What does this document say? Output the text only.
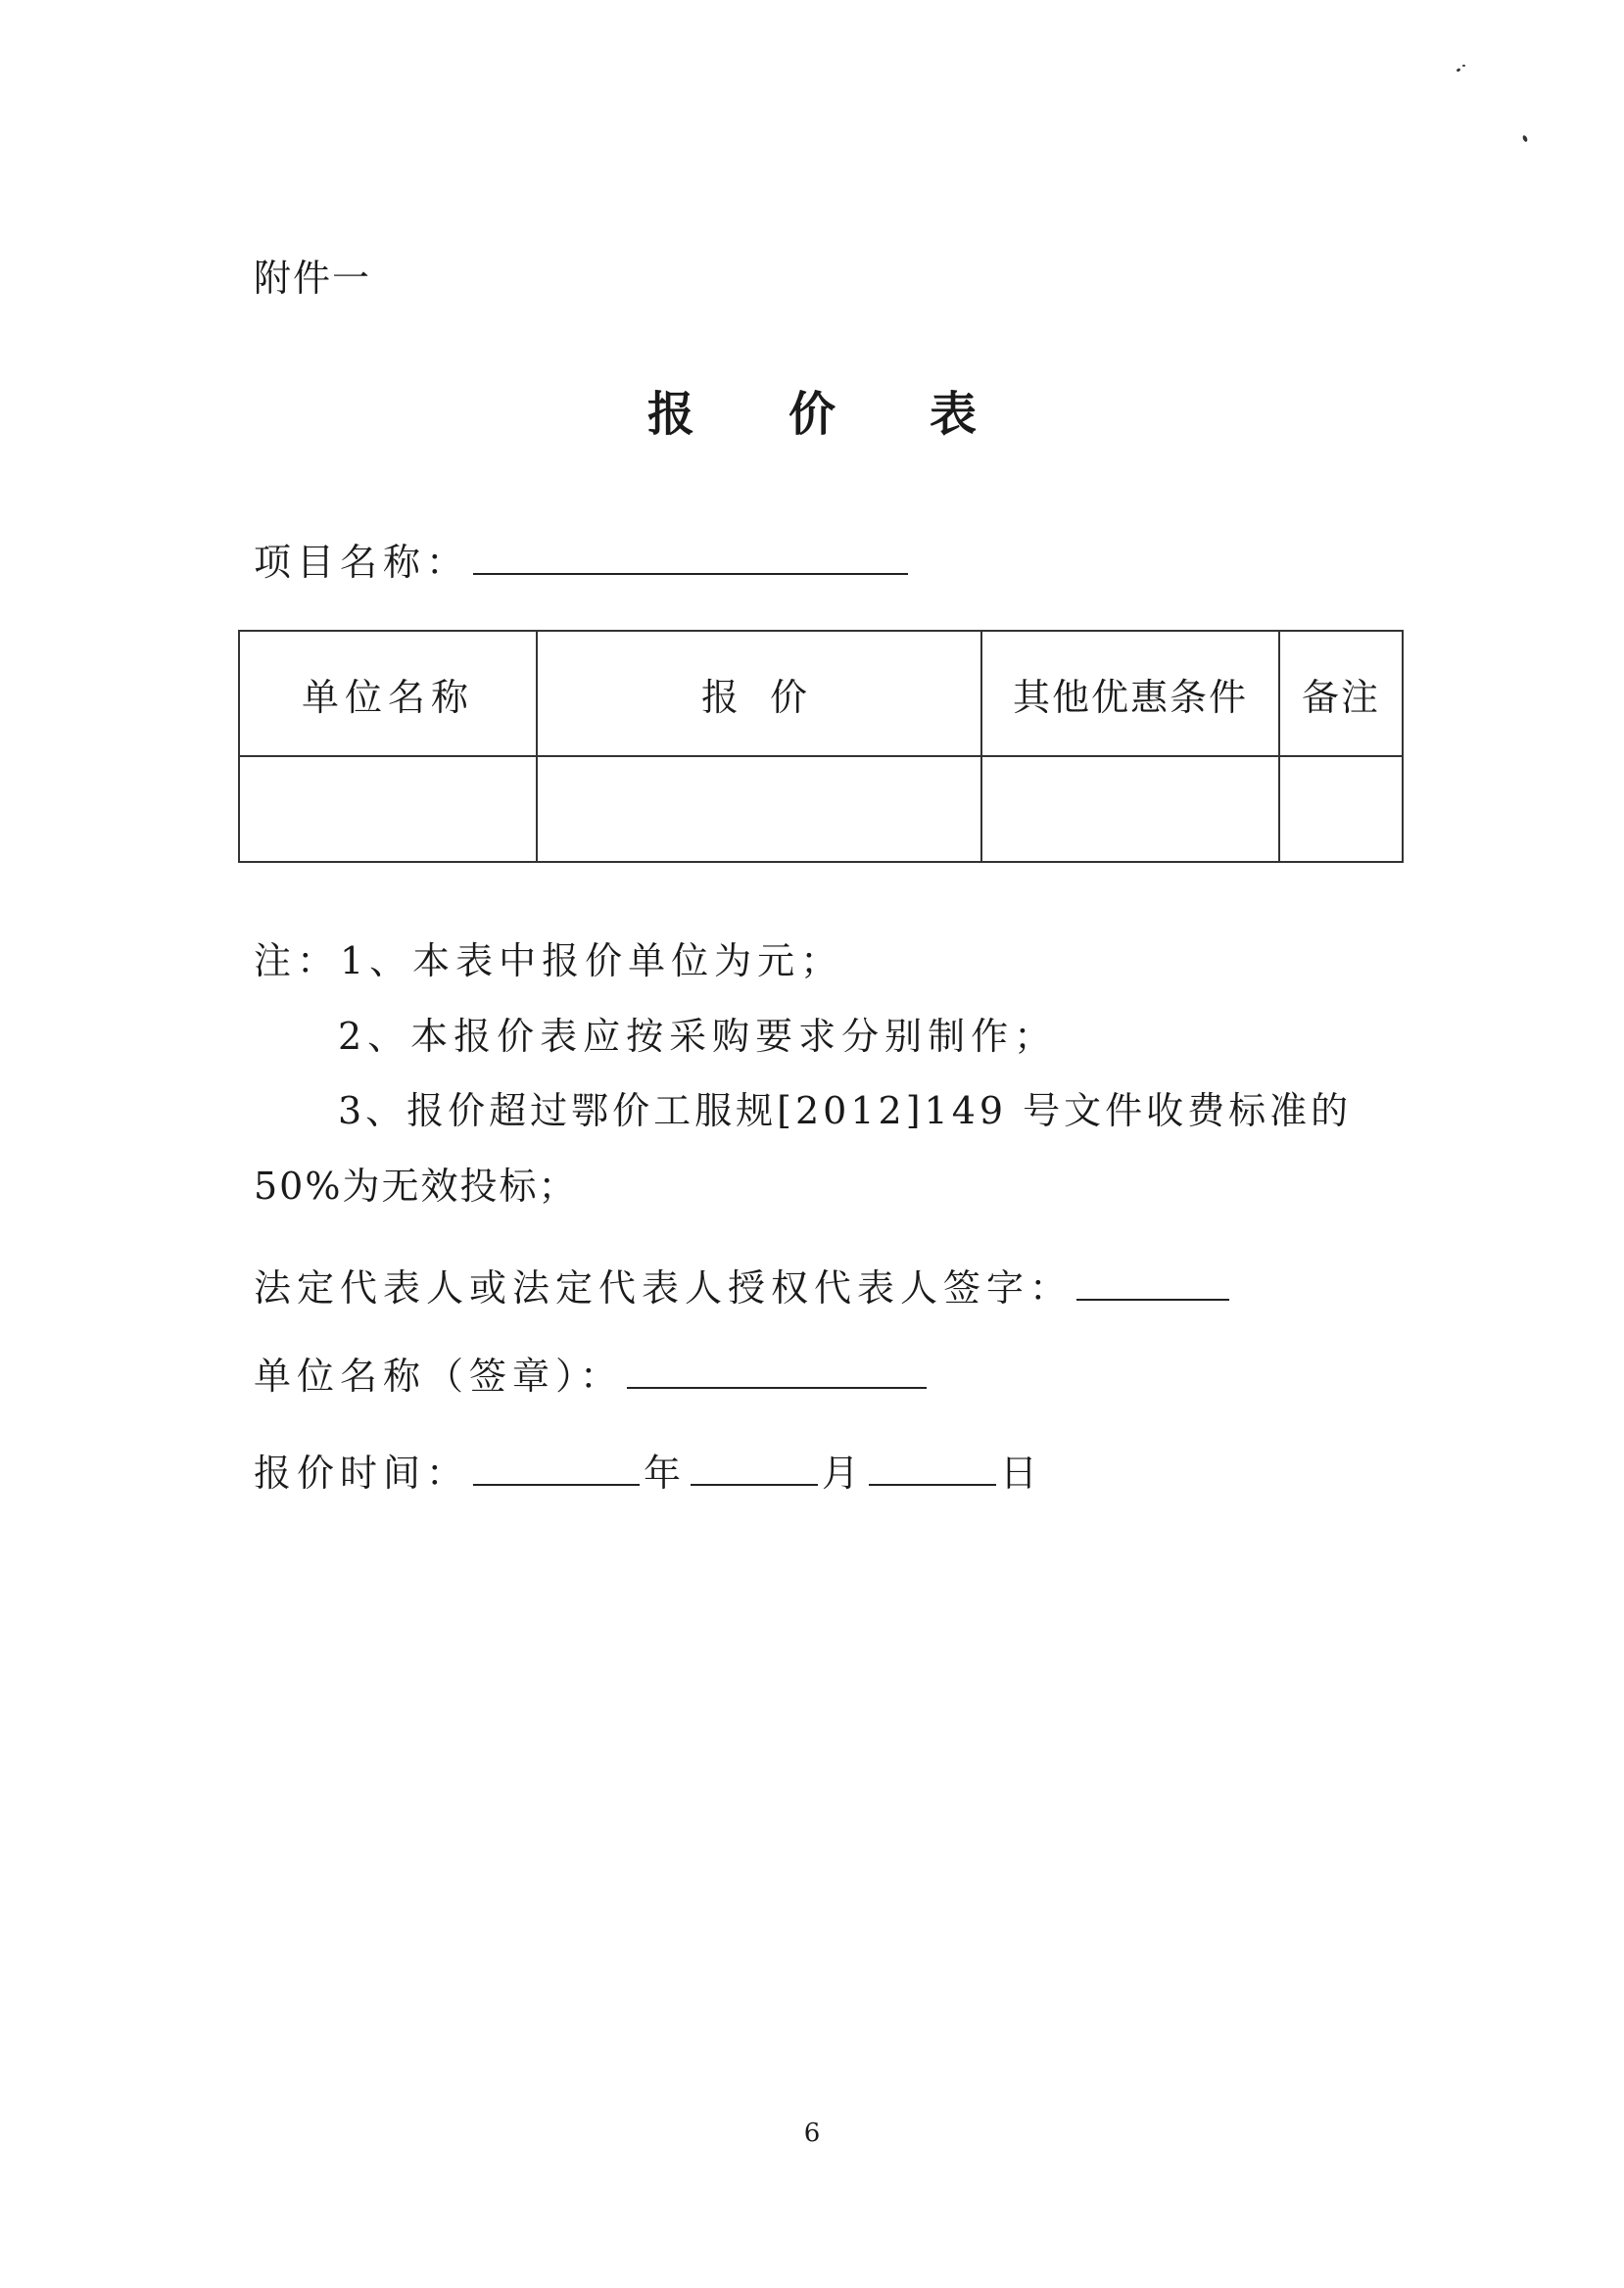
附件一
报 价 表
项目名称：
单位名称	报 价	其他优惠条件	备注

注：1、本表中报价单位为元；
2、本报价表应按采购要求分别制作；
3、报价超过鄂价工服规[2012]149 号文件收费标准的
50%为无效投标；
法定代表人或法定代表人授权代表人签字：
单位名称（签章）：
报价时间：	年	月	日
6
